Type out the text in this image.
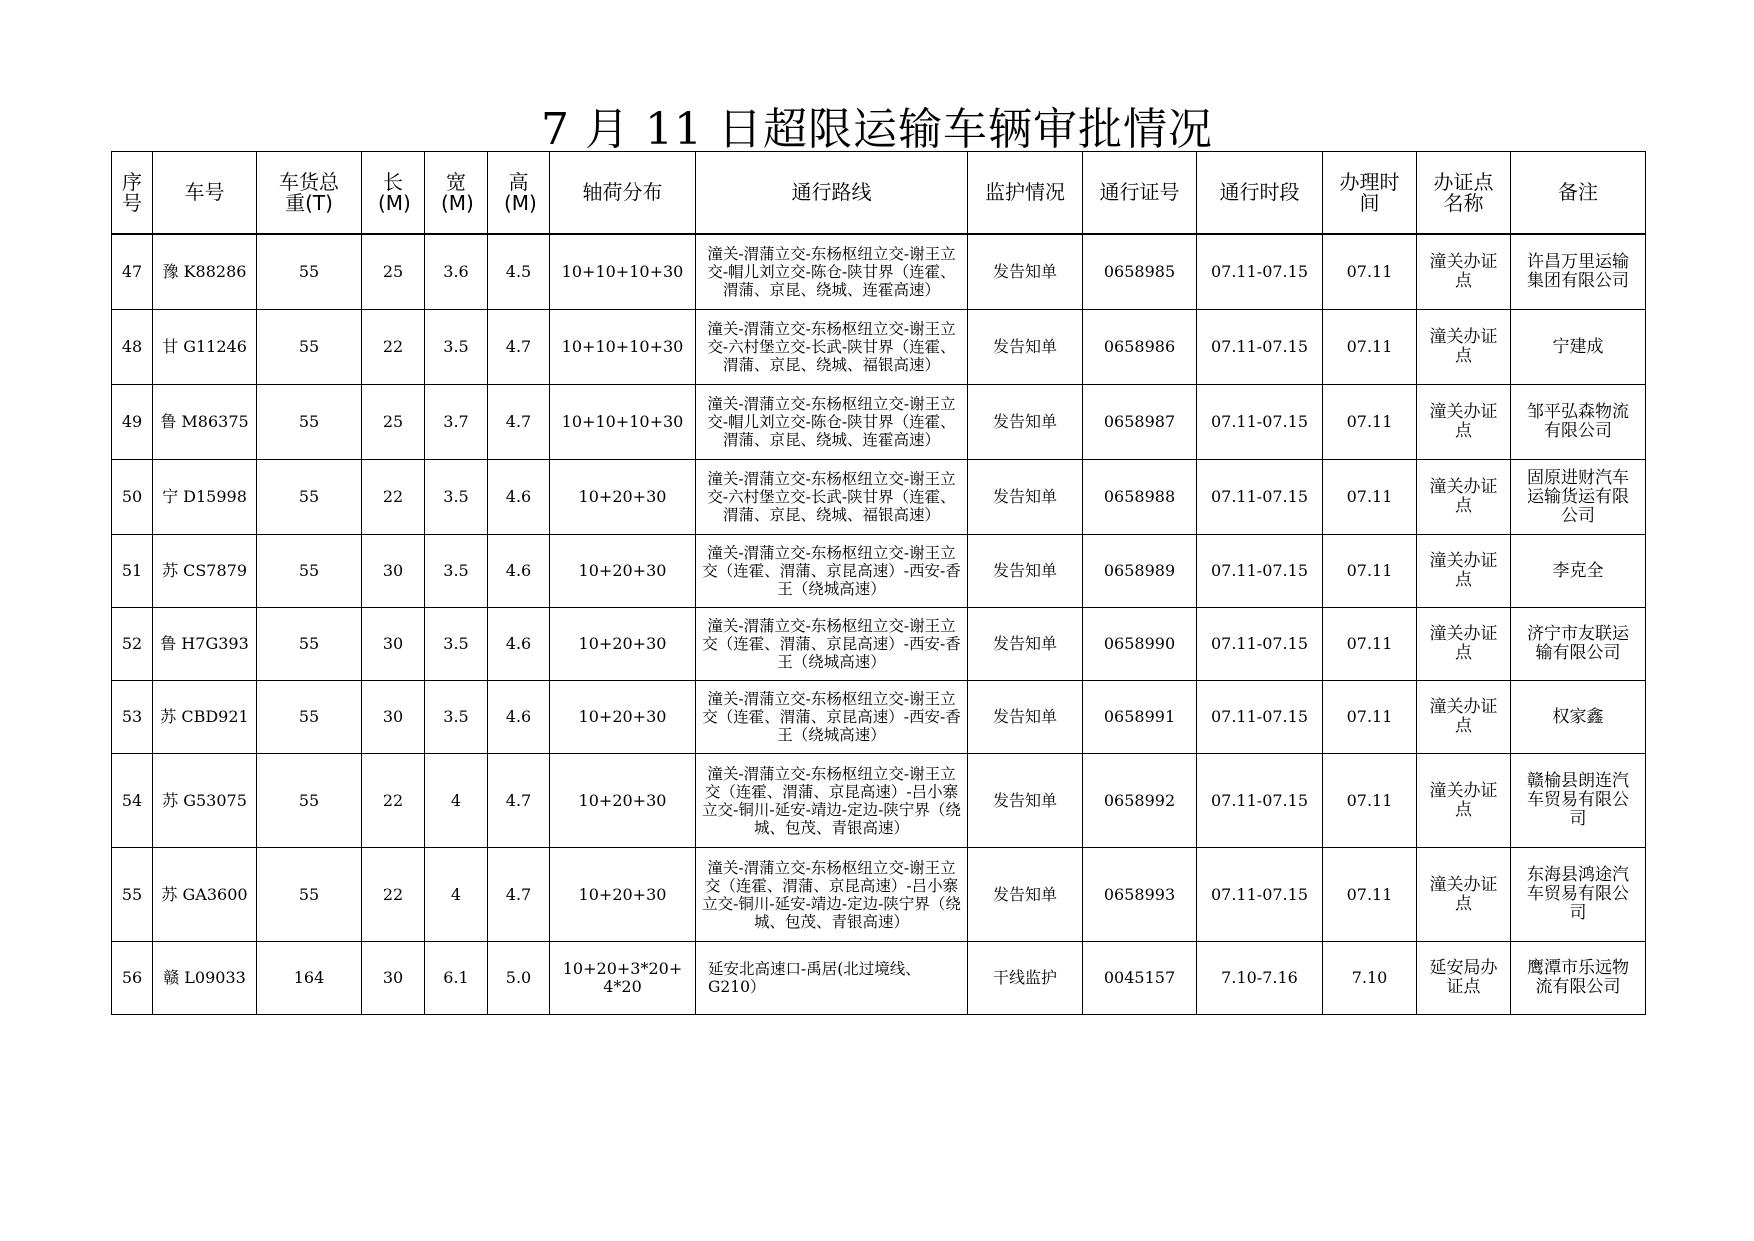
7 月 11 日超限运输车辆审批情况
序号	车号	车货总重(T)	长(M)	宽(M)	高(M)	轴荷分布	通行路线	监护情况	通行证号	通行时段	办理时间	办证点名称	备注
47	豫 K88286	55	25	3.6	4.5	10+10+10+30	潼关-渭蒲立交-东杨枢纽立交-谢王立交-帽儿刘立交-陈仓-陕甘界（连霍、渭蒲、京昆、绕城、连霍高速）	发告知单	0658985	07.11-07.15	07.11	潼关办证点	许昌万里运输集团有限公司
48	甘 G11246	55	22	3.5	4.7	10+10+10+30	潼关-渭蒲立交-东杨枢纽立交-谢王立交-六村堡立交-长武-陕甘界（连霍、渭蒲、京昆、绕城、福银高速）	发告知单	0658986	07.11-07.15	07.11	潼关办证点	宁建成
49	鲁 M86375	55	25	3.7	4.7	10+10+10+30	潼关-渭蒲立交-东杨枢纽立交-谢王立交-帽儿刘立交-陈仓-陕甘界（连霍、渭蒲、京昆、绕城、连霍高速）	发告知单	0658987	07.11-07.15	07.11	潼关办证点	邹平弘森物流有限公司
50	宁 D15998	55	22	3.5	4.6	10+20+30	潼关-渭蒲立交-东杨枢纽立交-谢王立交-六村堡立交-长武-陕甘界（连霍、渭蒲、京昆、绕城、福银高速）	发告知单	0658988	07.11-07.15	07.11	潼关办证点	固原进财汽车运输货运有限公司
51	苏 CS7879	55	30	3.5	4.6	10+20+30	潼关-渭蒲立交-东杨枢纽立交-谢王立交（连霍、渭蒲、京昆高速）-西安-香王（绕城高速）	发告知单	0658989	07.11-07.15	07.11	潼关办证点	李克全
52	鲁 H7G393	55	30	3.5	4.6	10+20+30	潼关-渭蒲立交-东杨枢纽立交-谢王立交（连霍、渭蒲、京昆高速）-西安-香王（绕城高速）	发告知单	0658990	07.11-07.15	07.11	潼关办证点	济宁市友联运输有限公司
53	苏 CBD921	55	30	3.5	4.6	10+20+30	潼关-渭蒲立交-东杨枢纽立交-谢王立交（连霍、渭蒲、京昆高速）-西安-香王（绕城高速）	发告知单	0658991	07.11-07.15	07.11	潼关办证点	权家鑫
54	苏 G53075	55	22	4	4.7	10+20+30	潼关-渭蒲立交-东杨枢纽立交-谢王立交（连霍、渭蒲、京昆高速）-吕小寨立交-铜川-延安-靖边-定边-陕宁界（绕城、包茂、青银高速）	发告知单	0658992	07.11-07.15	07.11	潼关办证点	赣榆县朗连汽车贸易有限公司
55	苏 GA3600	55	22	4	4.7	10+20+30	潼关-渭蒲立交-东杨枢纽立交-谢王立交（连霍、渭蒲、京昆高速）-吕小寨立交-铜川-延安-靖边-定边-陕宁界（绕城、包茂、青银高速）	发告知单	0658993	07.11-07.15	07.11	潼关办证点	东海县鸿途汽车贸易有限公司
56	赣 L09033	164	30	6.1	5.0	10+20+3*20+4*20	延安北高速口-禹居(北过境线、G210）	干线监护	0045157	7.10-7.16	7.10	延安局办证点	鹰潭市乐远物流有限公司
